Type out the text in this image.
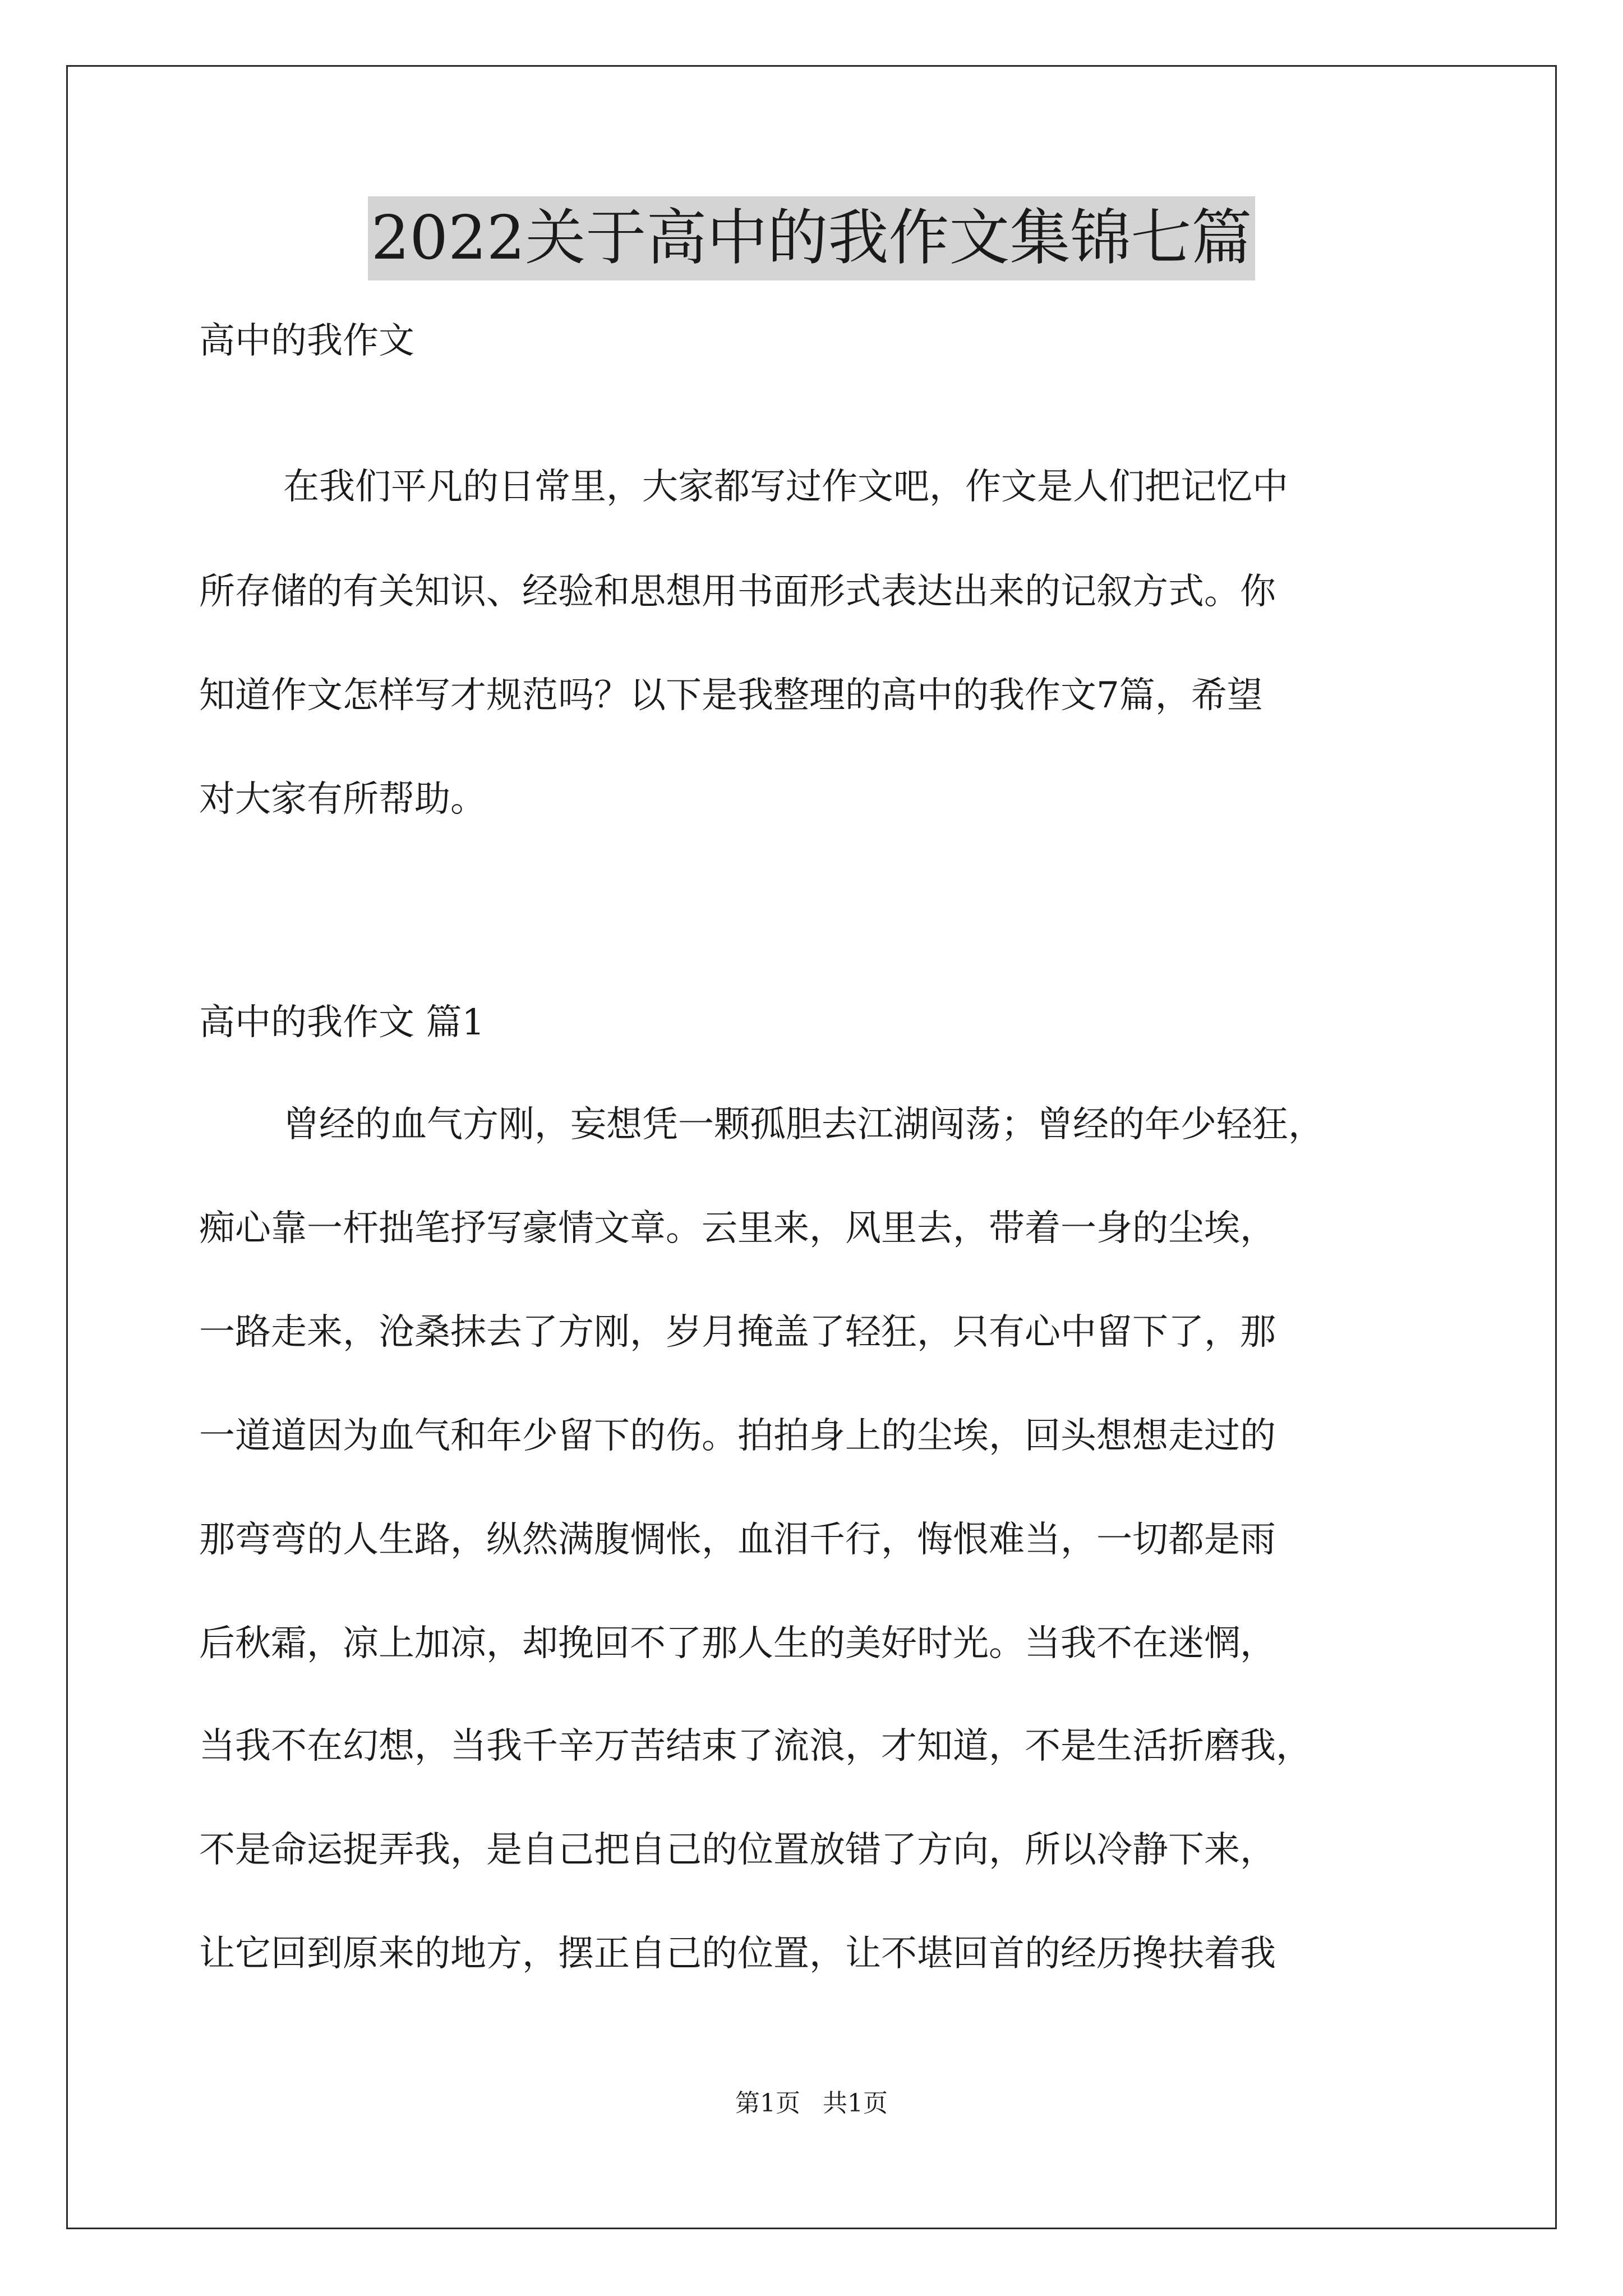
2022关于高中的我作文集锦七篇
高中的我作文
在我们平凡的日常里，大家都写过作文吧，作文是人们把记忆中
所存储的有关知识、经验和思想用书面形式表达出来的记叙方式。你
知道作文怎样写才规范吗？以下是我整理的高中的我作文7篇，希望
对大家有所帮助。
高中的我作文 篇1
曾经的血气方刚，妄想凭一颗孤胆去江湖闯荡；曾经的年少轻狂，
痴心靠一杆拙笔抒写豪情文章。云里来，风里去，带着一身的尘埃，
一路走来，沧桑抹去了方刚，岁月掩盖了轻狂，只有心中留下了，那
一道道因为血气和年少留下的伤。拍拍身上的尘埃，回头想想走过的
那弯弯的人生路，纵然满腹惆怅，血泪千行，悔恨难当，一切都是雨
后秋霜，凉上加凉，却挽回不了那人生的美好时光。当我不在迷惘，
当我不在幻想，当我千辛万苦结束了流浪，才知道，不是生活折磨我，
不是命运捉弄我，是自己把自己的位置放错了方向，所以冷静下来，
让它回到原来的地方，摆正自己的位置，让不堪回首的经历搀扶着我
第1页 共1页
